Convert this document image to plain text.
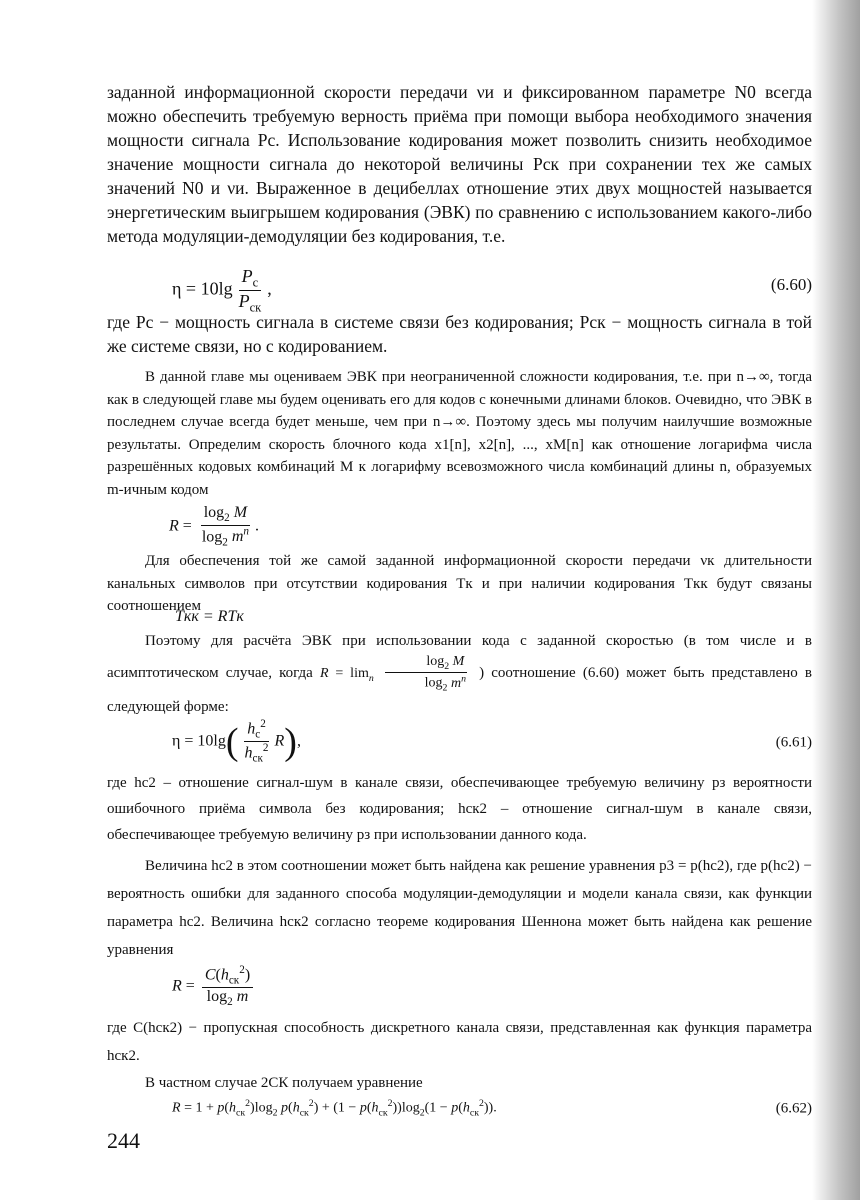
заданной информационной скорости передачи νи и фиксированном параметре N0 всегда можно обеспечить требуемую верность приёма при помощи выбора необходимого значения мощности сигнала Pc. Использование кодирования может позволить снизить необходимое значение мощности сигнала до некоторой величины Pск при сохранении тех же самых значений N0 и νи. Выраженное в децибеллах отношение этих двух мощностей называется энергетическим выигрышем кодирования (ЭВК) по сравнению с использованием какого-либо метода модуляции-демодуляции без кодирования, т.е.

$\eta = 10\lg \frac{P_c}{P_{ск}}$ ,	(6.60)

где Pc − мощность сигнала в системе связи без кодирования; Pск − мощность сигнала в той же системе связи, но с кодированием.

В данной главе мы оцениваем ЭВК при неограниченной сложности кодирования, т.е. при n→∞, тогда как в следующей главе мы будем оценивать его для кодов с конечными длинами блоков. Очевидно, что ЭВК в последнем случае всегда будет меньше, чем при n→∞. Поэтому здесь мы получим наилучшие возможные результаты. Определим скорость блочного кода x1[n], x2[n], ..., xM[n] как отношение логарифма числа разрешённых кодовых комбинаций M к логарифму всевозможного числа комбинаций длины n, образуемых m-ичным кодом

$R = \frac{\log_2 M}{\log_2 m^n}$ .

Для обеспечения той же самой заданной информационной скорости передачи νк длительности канальных символов при отсутствии кодирования Tк и при наличии кодирования Tкк будут связаны соотношением

Tкк = RTк

Поэтому для расчёта ЭВК при использовании кода с заданной скоростью (в том числе и в асимптотическом случае, когда $R = \lim_n \frac{\log_2 M}{\log_2 m^n}$ ) соотношение (6.60) может быть представлено в следующей форме:

$\eta = 10\lg( \frac{h_c^2}{h_{ск}^2} R)$,	(6.61)

где hc2 – отношение сигнал-шум в канале связи, обеспечивающее требуемую величину pз вероятности ошибочного приёма символа без кодирования; hск2 – отношение сигнал-шум в канале связи, обеспечивающее требуемую величину pз при использовании данного кода.

Величина hc2 в этом соотношении может быть найдена как решение уравнения p3 = p(hc2), где p(hc2) − вероятность ошибки для заданного способа модуляции-демодуляции и модели канала связи, как функции параметра hc2. Величина hск2 согласно теореме кодирования Шеннона может быть найдена как решение уравнения

$R = \frac{C(h_{ск}^2)}{\log_2 m}$

где C(hск2) − пропускная способность дискретного канала связи, представленная как функция параметра hск2.

В частном случае 2СК получаем уравнение

$R = 1 + p(h_{ск}^2)\log_2$ $p(h_{ск}^2) + (1 - p(h_{ск}^2))\log_2(1 - p(h_{ск}^2))$.	(6.62)
244
